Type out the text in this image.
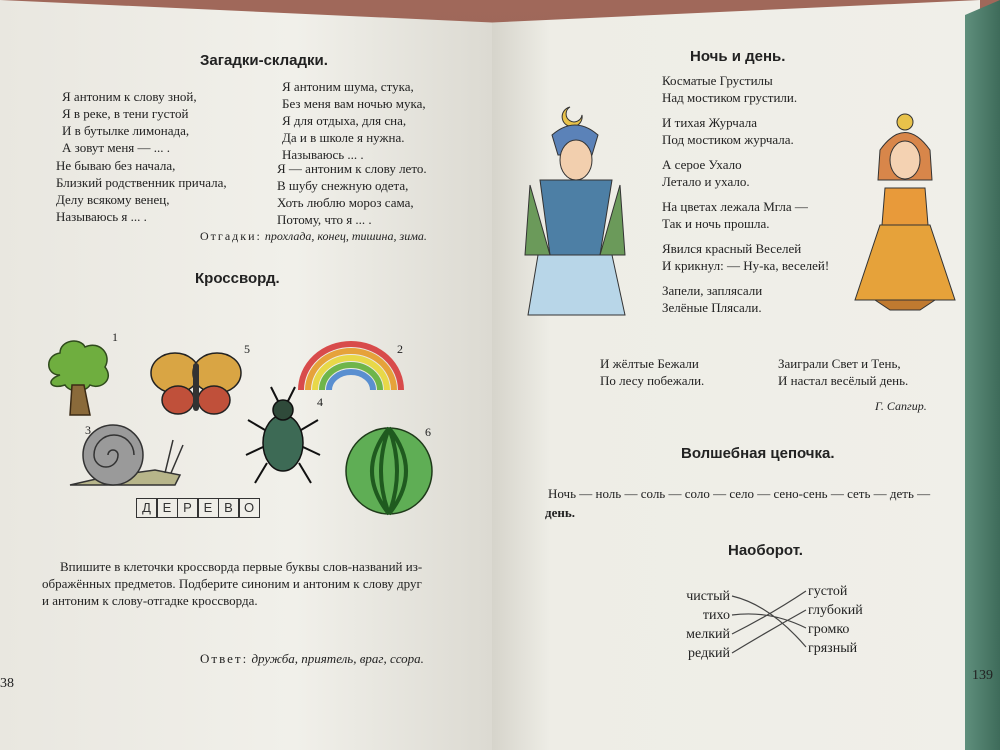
Загадки-складки.
Я антоним к слову зной,
Я в реке, в тени густой
И в бутылке лимонада,
А зовут меня — ... .
Не бываю без начала,
Близкий родственник причала,
Делу всякому венец,
Называюсь я ... .
Я антоним шума, стука,
Без меня вам ночью мука,
Я для отдыха, для сна,
Да и в школе я нужна.
Называюсь ... .
Я — антоним к слову лето.
В шубу снежную одета,
Хоть люблю мороз сама,
Потому, что я ... .
Отгадки: прохлада, конец, тишина, зима.
Кроссворд.
1
5	2
4
3	6
Д Е Р Е В О
Впишите в клеточки кроссворда первые буквы слов-названий из-
ображённых предметов. Подберите синоним и антоним к слову друг
и антоним к слову-отгадке кроссворда.
Ответ: дружба, приятель, враг, ссора.
38
Ночь и день.
Косматые Грустилы
Над мостиком грустили.
И тихая Журчала
Под мостиком журчала.
А серое Ухало
Летало и ухало.
На цветах лежала Мгла —
Так и ночь прошла.
Явился красный Веселей
И крикнул: — Ну-ка, веселей!
Запели, заплясали
Зелёные Плясали.
И жёлтые Бежали
По лесу побежали.
Заиграли Свет и Тень,
И настал весёлый день.
Г. Сапгир.
Волшебная цепочка.
Ночь — ноль — соль — соло — село — сено-сень — сеть — деть —
день.
Наоборот.
чистый
тихо
мелкий
редкий
густой
глубокий
громко
грязный
139
